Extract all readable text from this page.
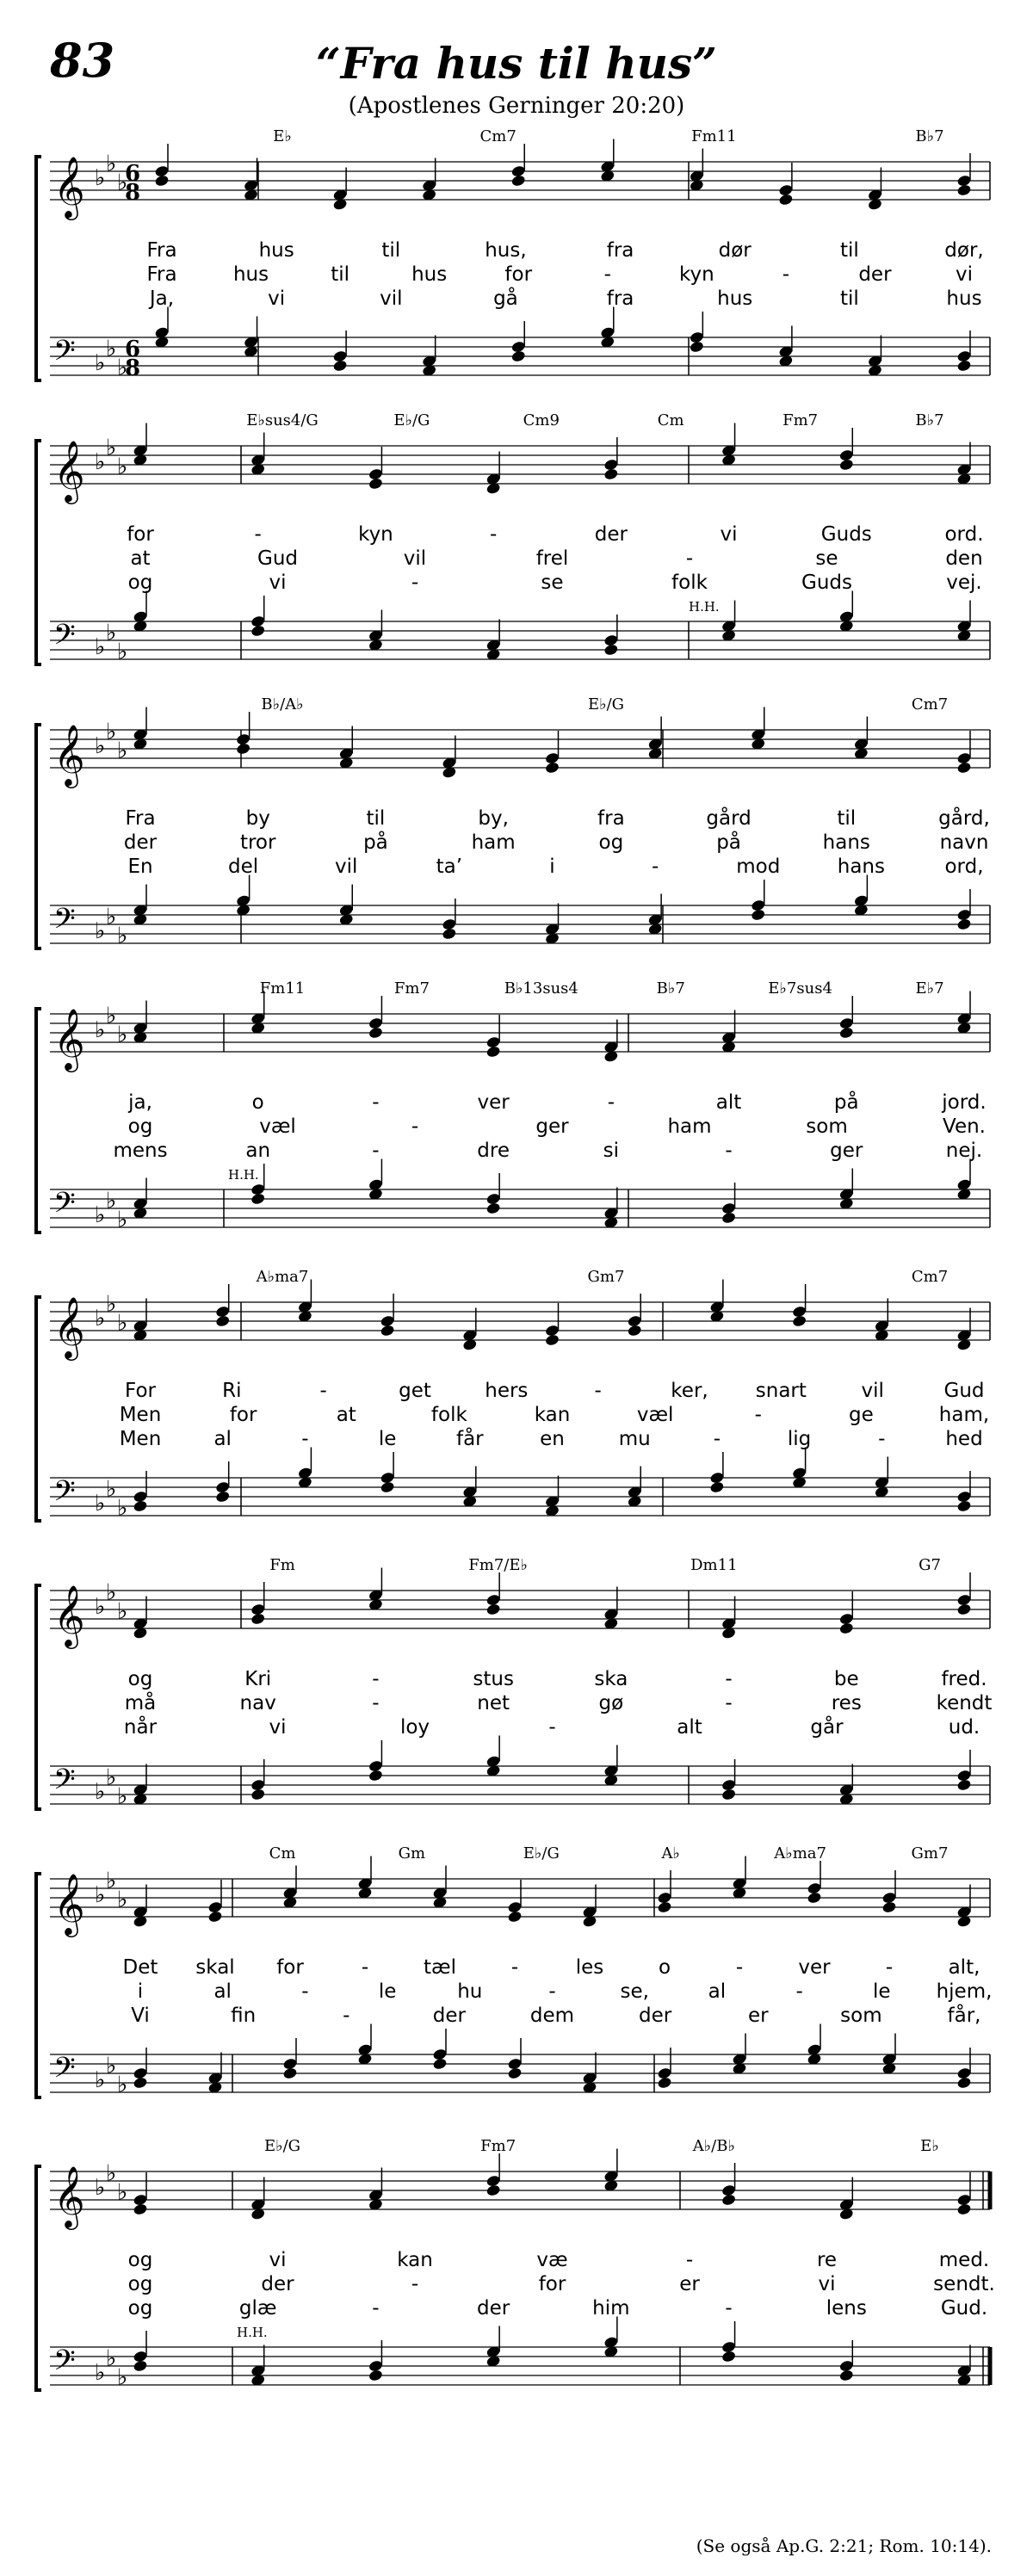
83	“Fra hus til hus”
(Apostlenes Gerninger 20:20)
𝄞 ♭
♭
♭
6
8
𝄢 ♭
♭
♭
6
8
E♭	Cm7	Fm11	B♭7
Fra	hus	til	hus,	fra	dør	til	dør,
Fra	hus	til	hus	for	-	kyn	-	der	vi
Ja,	vi	vil	gå	fra	hus	til	hus
𝄞 ♭
♭
♭
𝄢 ♭
♭
♭
E♭sus4/G	E♭/G	Cm9	Cm	Fm7	B♭7
for	-	kyn	-	der	vi	Guds	ord.
at	Gud	vil	frel	-	se	den
og	vi	-	se	folk	Guds	vej.
H.H.
𝄞 ♭
♭
♭
𝄢 ♭
♭
♭
B♭/A♭	E♭/G	Cm7
Fra	by	til	by,	fra	gård	til	gård,
der	tror	på	ham	og	på	hans	navn
En	del	vil	ta’	i	-	mod	hans	ord,
𝄞 ♭
♭
♭
𝄢 ♭
♭
♭
Fm11	Fm7	B♭13sus4	B♭7	E♭7sus4	E♭7
ja,	o	-	ver	-	alt	på	jord.
og	væl	-	ger	ham	som	Ven.
mens	an	-	dre	si	-	ger	nej.
H.H.
𝄞 ♭
♭
♭
𝄢 ♭
♭
♭
A♭ma7	Gm7	Cm7
For	Ri	-	get	hers	-	ker, snart	vil	Gud
Men	for	at	folk	kan	væl	-	ge	ham,
Men	al	-	le	får	en	mu	-	lig	-	hed
𝄞 ♭
♭
♭
𝄢 ♭
♭
♭
Fm	Fm7/E♭	Dm11	G7
og	Kri	-	stus	ska	-	be	fred.
må	nav	-	net	gø	-	res	kendt
når	vi	loy	-	alt	går	ud.
𝄞 ♭
♭
♭
𝄢 ♭
♭
♭
Cm	Gm	E♭/G	A♭	A♭ma7	Gm7
Det skal for	-	tæl	-	les	o	-	ver	-	alt,
i	al	-	le	hu	-	se,	al	-	le hjem,
Vi	fin	-	der	dem	der	er	som	får,
𝄞 ♭
♭
♭
𝄢 ♭
♭
♭
E♭/G	Fm7	A♭/B♭	E♭
og	vi	kan	væ	-	re	med.
og	der	-	for	er	vi	sendt.
og	glæ	-	der	him	-	lens	Gud.
H.H.
(Se også Ap.G. 2:21; Rom. 10:14).
